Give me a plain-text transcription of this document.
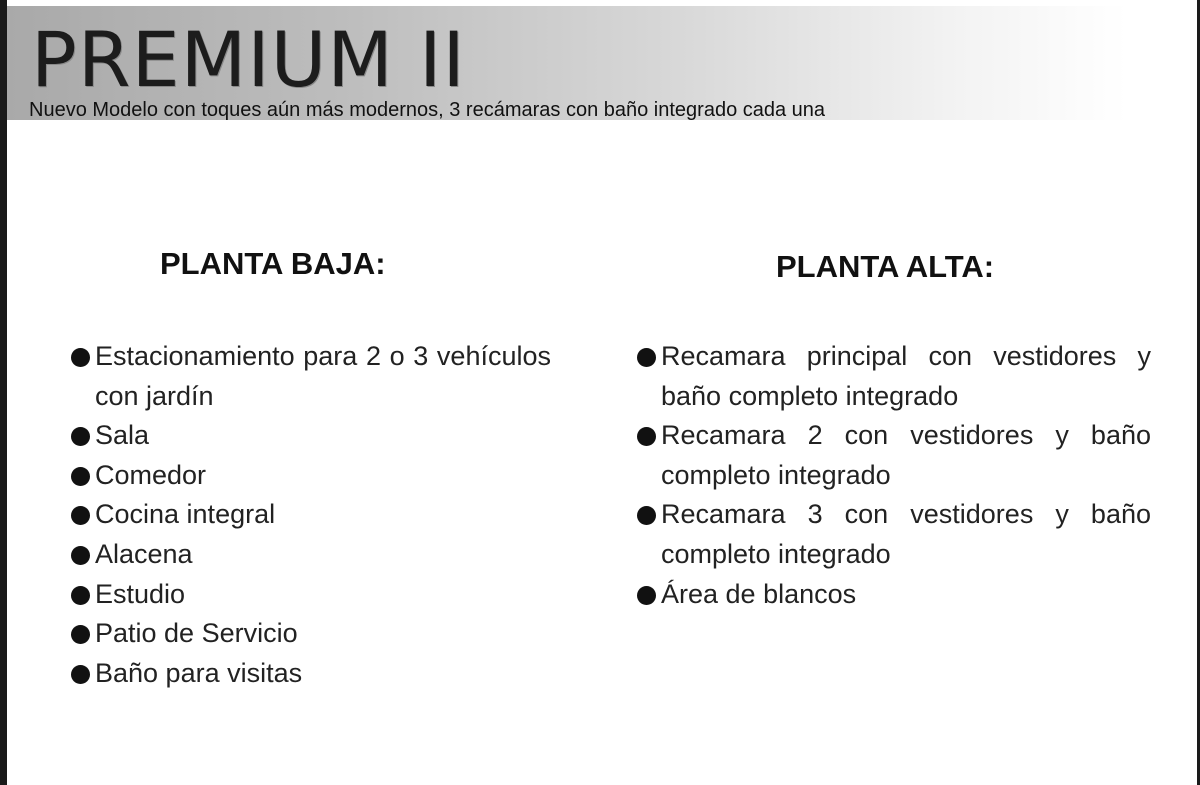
PREMIUM II
Nuevo Modelo con toques aún más modernos, 3 recámaras con baño integrado cada una
PLANTA BAJA:
Estacionamiento para 2 o 3 vehículos con jardín
Sala
Comedor
Cocina integral
Alacena
Estudio
Patio de Servicio
Baño para visitas
PLANTA ALTA:
Recamara principal con vestidores y baño completo integrado
Recamara 2 con vestidores y baño completo integrado
Recamara 3 con vestidores y baño completo integrado
Área de blancos
